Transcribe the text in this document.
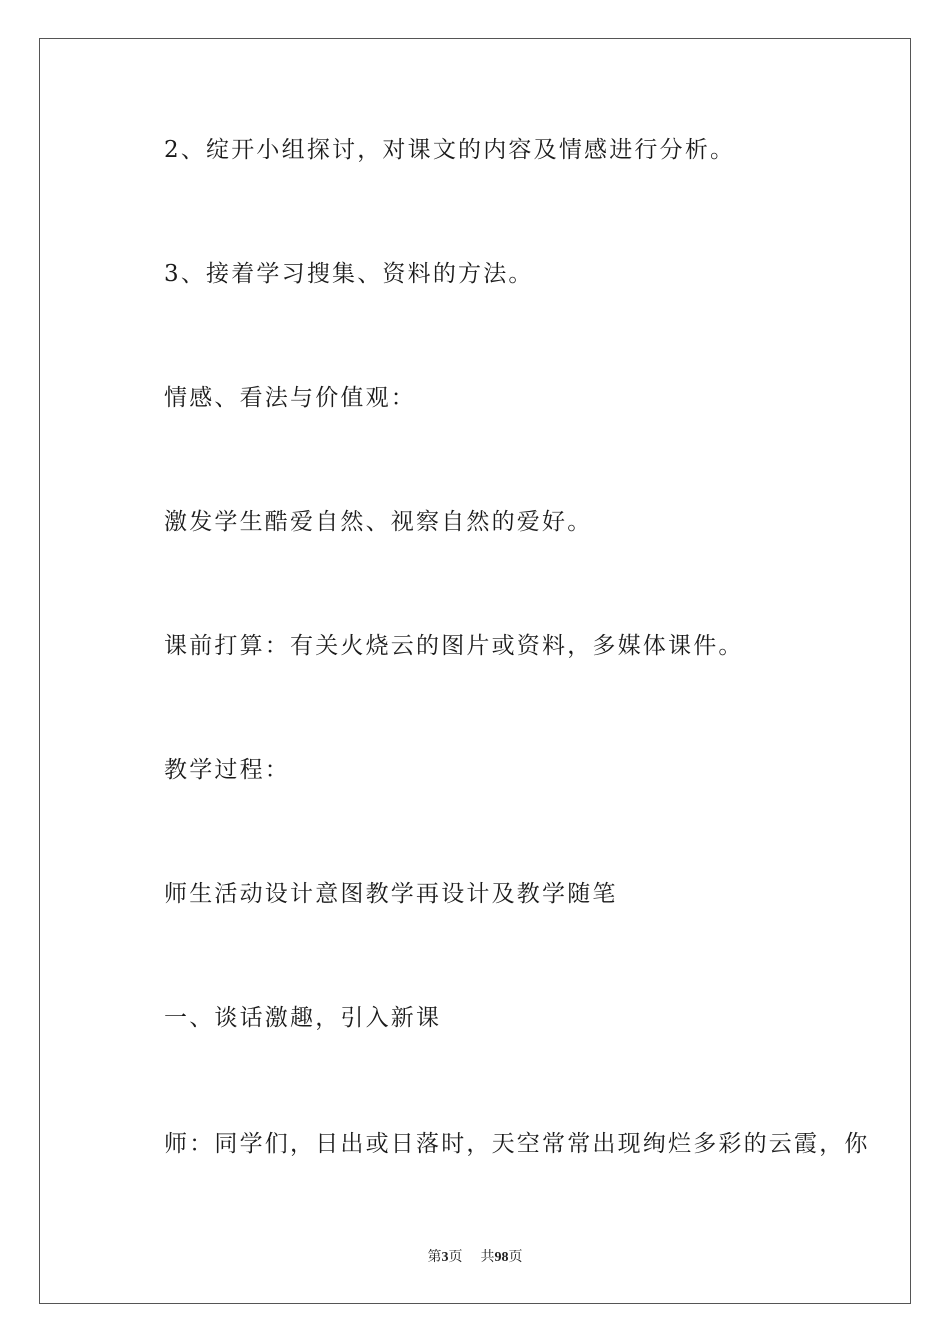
2、绽开小组探讨，对课文的内容及情感进行分析。
3、接着学习搜集、资料的方法。
情感、看法与价值观：
激发学生酷爱自然、视察自然的爱好。
课前打算：有关火烧云的图片或资料，多媒体课件。
教学过程：
师生活动设计意图教学再设计及教学随笔
一、谈话激趣，引入新课
师：同学们，日出或日落时，天空常常出现绚烂多彩的云霞，你
第3页 共98页
